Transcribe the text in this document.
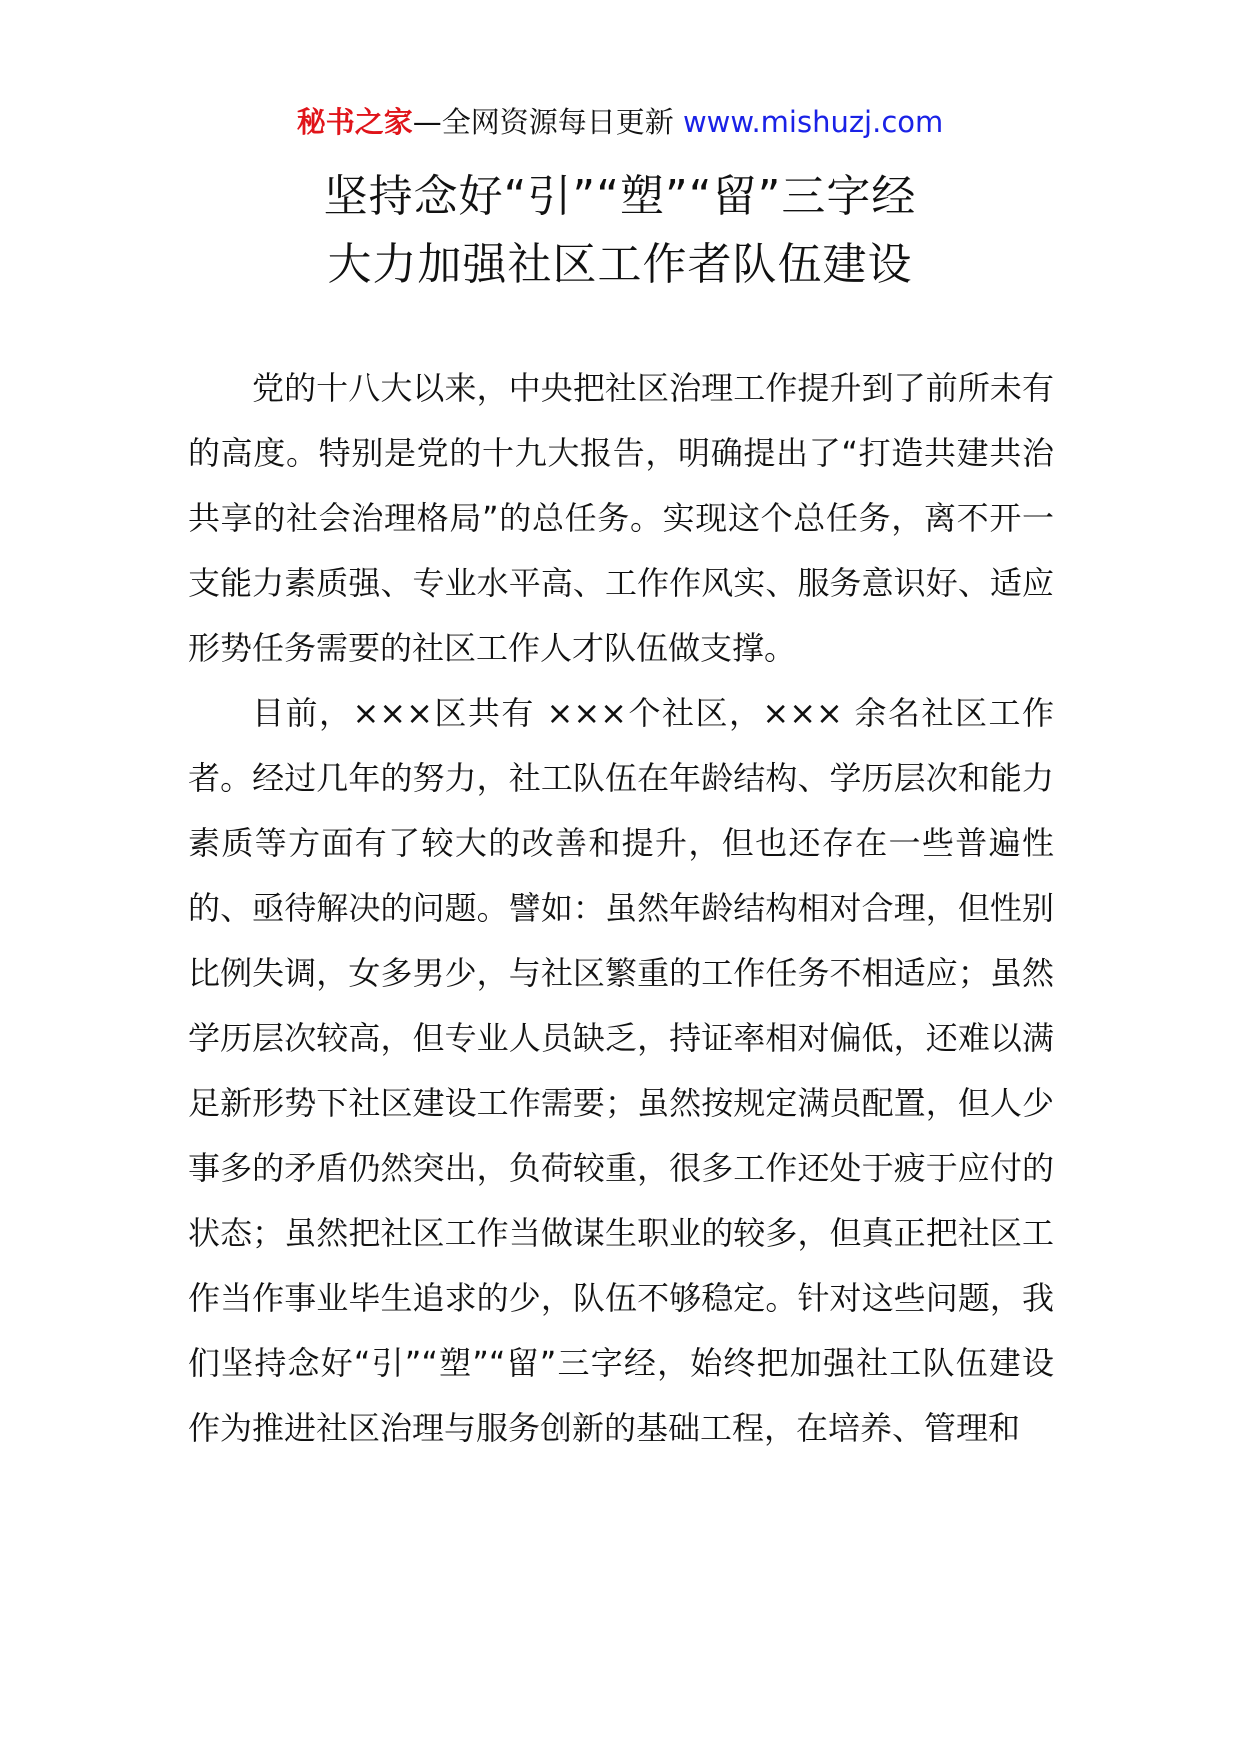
秘书之家—全网资源每日更新 www.mishuzj.com
坚持念好“引”“塑”“留”三字经
大力加强社区工作者队伍建设

党的十八大以来，中央把社区治理工作提升到了前所未有的高度。特别是党的十九大报告，明确提出了“打造共建共治共享的社会治理格局”的总任务。实现这个总任务，离不开一支能力素质强、专业水平高、工作作风实、服务意识好、适应形势任务需要的社区工作人才队伍做支撑。

目前，×××区共有 ×××个社区，××× 余名社区工作者。经过几年的努力，社工队伍在年龄结构、学历层次和能力素质等方面有了较大的改善和提升，但也还存在一些普遍性的、亟待解决的问题。譬如：虽然年龄结构相对合理，但性别比例失调，女多男少，与社区繁重的工作任务不相适应；虽然学历层次较高，但专业人员缺乏，持证率相对偏低，还难以满足新形势下社区建设工作需要；虽然按规定满员配置，但人少事多的矛盾仍然突出，负荷较重，很多工作还处于疲于应付的状态；虽然把社区工作当做谋生职业的较多，但真正把社区工作当作事业毕生追求的少，队伍不够稳定。针对这些问题，我们坚持念好“引”“塑”“留”三字经，始终把加强社工队伍建设作为推进社区治理与服务创新的基础工程，在培养、管理和
